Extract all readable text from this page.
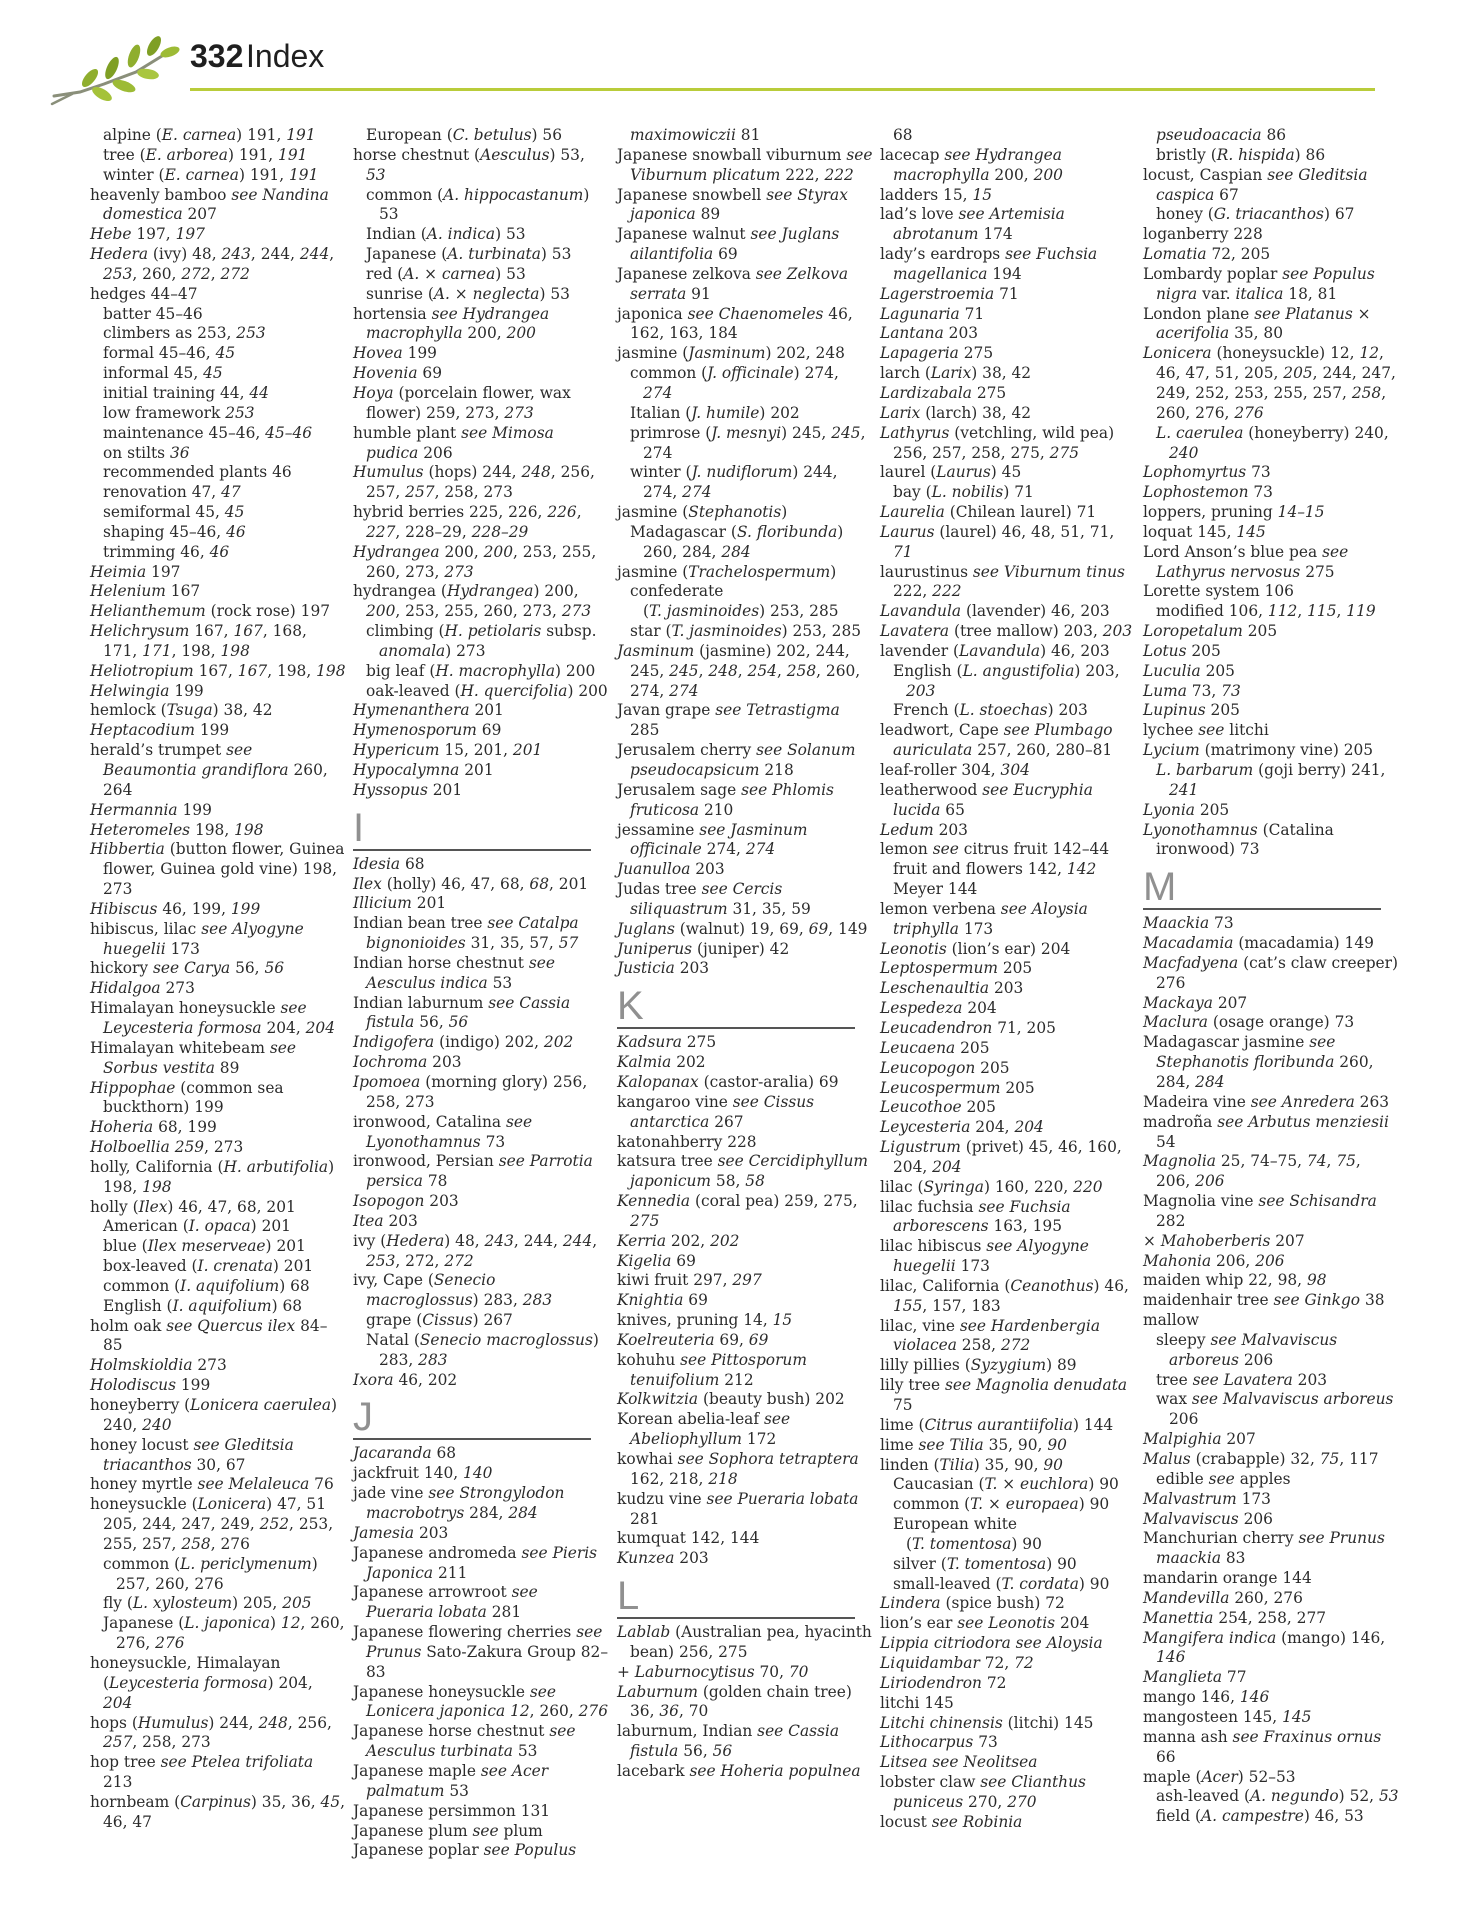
332 Index
alpine (E. carnea) 191, 191
tree (E. arborea) 191, 191
winter (E. carnea) 191, 191
heavenly bamboo see Nandina domestica 207
Hebe 197, 197
Hedera (ivy) 48, 243, 244, 244, 253, 260, 272, 272
hedges 44–47
batter 45–46
climbers as 253, 253
formal 45–46, 45
informal 45, 45
initial training 44, 44
low framework 253
maintenance 45–46, 45–46
on stilts 36
recommended plants 46
renovation 47, 47
semiformal 45, 45
shaping 45–46, 46
trimming 46, 46
Heimia 197
Helenium 167
Helianthemum (rock rose) 197
Helichrysum 167, 167, 168, 171, 171, 198, 198
Heliotropium 167, 167, 198, 198
Helwingia 199
hemlock (Tsuga) 38, 42
Heptacodium 199
herald’s trumpet see Beaumontia grandiflora 260, 264
Hermannia 199
Heteromeles 198, 198
Hibbertia (button flower, Guinea flower, Guinea gold vine) 198, 273
Hibiscus 46, 199, 199
hibiscus, lilac see Alyogyne huegelii 173
hickory see Carya 56, 56
Hidalgoa 273
Himalayan honeysuckle see Leycesteria formosa 204, 204
Himalayan whitebeam see Sorbus vestita 89
Hippophae (common sea buckthorn) 199
Hoheria 68, 199
Holboellia 259, 273
holly, California (H. arbutifolia) 198, 198
holly (Ilex) 46, 47, 68, 201
American (I. opaca) 201
blue (Ilex meserveae) 201
box-leaved (I. crenata) 201
common (I. aquifolium) 68
English (I. aquifolium) 68
holm oak see Quercus ilex 84–85
Holmskioldia 273
Holodiscus 199
honeyberry (Lonicera caerulea) 240, 240
honey locust see Gleditsia triacanthos 30, 67
honey myrtle see Melaleuca 76
honeysuckle (Lonicera) 47, 51 205, 244, 247, 249, 252, 253, 255, 257, 258, 276
common (L. periclymenum) 257, 260, 276
fly (L. xylosteum) 205, 205
Japanese (L. japonica) 12, 260, 276, 276
honeysuckle, Himalayan (Leycesteria formosa) 204, 204
hops (Humulus) 244, 248, 256, 257, 258, 273
hop tree see Ptelea trifoliata 213
hornbeam (Carpinus) 35, 36, 45, 46, 47
European (C. betulus) 56
horse chestnut (Aesculus) 53, 53
common (A. hippocastanum) 53
Indian (A. indica) 53
Japanese (A. turbinata) 53
red (A. × carnea) 53
sunrise (A. × neglecta) 53
hortensia see Hydrangea macrophylla 200, 200
Hovea 199
Hovenia 69
Hoya (porcelain flower, wax flower) 259, 273, 273
humble plant see Mimosa pudica 206
Humulus (hops) 244, 248, 256, 257, 257, 258, 273
hybrid berries 225, 226, 226, 227, 228–29, 228–29
Hydrangea 200, 200, 253, 255, 260, 273, 273
hydrangea (Hydrangea) 200, 200, 253, 255, 260, 273, 273
climbing (H. petiolaris subsp. anomala) 273
big leaf (H. macrophylla) 200
oak-leaved (H. quercifolia) 200
Hymenanthera 201
Hymenosporum 69
Hypericum 15, 201, 201
Hypocalymna 201
Hyssopus 201
I
Idesia 68
Ilex (holly) 46, 47, 68, 68, 201
Illicium 201
Indian bean tree see Catalpa bignonioides 31, 35, 57, 57
Indian horse chestnut see Aesculus indica 53
Indian laburnum see Cassia fistula 56, 56
Indigofera (indigo) 202, 202
Iochroma 203
Ipomoea (morning glory) 256, 258, 273
ironwood, Catalina see Lyonothamnus 73
ironwood, Persian see Parrotia persica 78
Isopogon 203
Itea 203
ivy (Hedera) 48, 243, 244, 244, 253, 272, 272
ivy, Cape (Senecio macroglossus) 283, 283
grape (Cissus) 267
Natal (Senecio macroglossus) 283, 283
Ixora 46, 202
J
Jacaranda 68
jackfruit 140, 140
jade vine see Strongylodon macrobotrys 284, 284
Jamesia 203
Japanese andromeda see Pieris Japonica 211
Japanese arrowroot see Pueraria lobata 281
Japanese flowering cherries see Prunus Sato-Zakura Group 82–83
Japanese honeysuckle see Lonicera japonica 12, 260, 276
Japanese horse chestnut see Aesculus turbinata 53
Japanese maple see Acer palmatum 53
Japanese persimmon 131
Japanese plum see plum
Japanese poplar see Populus
maximowiczii 81
Japanese snowball viburnum see Viburnum plicatum 222, 222
Japanese snowbell see Styrax japonica 89
Japanese walnut see Juglans ailantifolia 69
Japanese zelkova see Zelkova serrata 91
japonica see Chaenomeles 46, 162, 163, 184
jasmine (Jasminum) 202, 248
common (J. officinale) 274, 274
Italian (J. humile) 202
primrose (J. mesnyi) 245, 245, 274
winter (J. nudiflorum) 244, 274, 274
jasmine (Stephanotis)
Madagascar (S. floribunda) 260, 284, 284
jasmine (Trachelospermum)
confederate
(T. jasminoides) 253, 285
star (T. jasminoides) 253, 285
Jasminum (jasmine) 202, 244, 245, 245, 248, 254, 258, 260, 274, 274
Javan grape see Tetrastigma 285
Jerusalem cherry see Solanum pseudocapsicum 218
Jerusalem sage see Phlomis fruticosa 210
jessamine see Jasminum officinale 274, 274
Juanulloa 203
Judas tree see Cercis siliquastrum 31, 35, 59
Juglans (walnut) 19, 69, 69, 149
Juniperus (juniper) 42
Justicia 203
K
Kadsura 275
Kalmia 202
Kalopanax (castor-aralia) 69
kangaroo vine see Cissus antarctica 267
katonahberry 228
katsura tree see Cercidiphyllum japonicum 58, 58
Kennedia (coral pea) 259, 275, 275
Kerria 202, 202
Kigelia 69
kiwi fruit 297, 297
Knightia 69
knives, pruning 14, 15
Koelreuteria 69, 69
kohuhu see Pittosporum tenuifolium 212
Kolkwitzia (beauty bush) 202
Korean abelia-leaf see Abeliophyllum 172
kowhai see Sophora tetraptera 162, 218, 218
kudzu vine see Pueraria lobata 281
kumquat 142, 144
Kunzea 203
L
Lablab (Australian pea, hyacinth bean) 256, 275
+ Laburnocytisus 70, 70
Laburnum (golden chain tree) 36, 36, 70
laburnum, Indian see Cassia fistula 56, 56
lacebark see Hoheria populnea
68
lacecap see Hydrangea macrophylla 200, 200
ladders 15, 15
lad’s love see Artemisia abrotanum 174
lady’s eardrops see Fuchsia magellanica 194
Lagerstroemia 71
Lagunaria 71
Lantana 203
Lapageria 275
larch (Larix) 38, 42
Lardizabala 275
Larix (larch) 38, 42
Lathyrus (vetchling, wild pea) 256, 257, 258, 275, 275
laurel (Laurus) 45
bay (L. nobilis) 71
Laurelia (Chilean laurel) 71
Laurus (laurel) 46, 48, 51, 71, 71
laurustinus see Viburnum tinus 222, 222
Lavandula (lavender) 46, 203
Lavatera (tree mallow) 203, 203
lavender (Lavandula) 46, 203
English (L. angustifolia) 203, 203
French (L. stoechas) 203
leadwort, Cape see Plumbago auriculata 257, 260, 280–81
leaf-roller 304, 304
leatherwood see Eucryphia lucida 65
Ledum 203
lemon see citrus fruit 142–44
fruit and flowers 142, 142
Meyer 144
lemon verbena see Aloysia triphylla 173
Leonotis (lion’s ear) 204
Leptospermum 205
Leschenaultia 203
Lespedeza 204
Leucadendron 71, 205
Leucaena 205
Leucopogon 205
Leucospermum 205
Leucothoe 205
Leycesteria 204, 204
Ligustrum (privet) 45, 46, 160, 204, 204
lilac (Syringa) 160, 220, 220
lilac fuchsia see Fuchsia arborescens 163, 195
lilac hibiscus see Alyogyne huegelii 173
lilac, California (Ceanothus) 46, 155, 157, 183
lilac, vine see Hardenbergia violacea 258, 272
lilly pillies (Syzygium) 89
lily tree see Magnolia denudata 75
lime (Citrus aurantiifolia) 144
lime see Tilia 35, 90, 90
linden (Tilia) 35, 90, 90
Caucasian (T. × euchlora) 90
common (T. × europaea) 90
European white
(T. tomentosa) 90
silver (T. tomentosa) 90
small-leaved (T. cordata) 90
Lindera (spice bush) 72
lion’s ear see Leonotis 204
Lippia citriodora see Aloysia
Liquidambar 72, 72
Liriodendron 72
litchi 145
Litchi chinensis (litchi) 145
Lithocarpus 73
Litsea see Neolitsea
lobster claw see Clianthus puniceus 270, 270
locust see Robinia
pseudoacacia 86
bristly (R. hispida) 86
locust, Caspian see Gleditsia caspica 67
honey (G. triacanthos) 67
loganberry 228
Lomatia 72, 205
Lombardy poplar see Populus nigra var. italica 18, 81
London plane see Platanus × acerifolia 35, 80
Lonicera (honeysuckle) 12, 12, 46, 47, 51, 205, 205, 244, 247, 249, 252, 253, 255, 257, 258, 260, 276, 276
L. caerulea (honeyberry) 240, 240
Lophomyrtus 73
Lophostemon 73
loppers, pruning 14–15
loquat 145, 145
Lord Anson’s blue pea see Lathyrus nervosus 275
Lorette system 106
modified 106, 112, 115, 119
Loropetalum 205
Lotus 205
Luculia 205
Luma 73, 73
Lupinus 205
lychee see litchi
Lycium (matrimony vine) 205
L. barbarum (goji berry) 241, 241
Lyonia 205
Lyonothamnus (Catalina ironwood) 73
M
Maackia 73
Macadamia (macadamia) 149
Macfadyena (cat’s claw creeper) 276
Mackaya 207
Maclura (osage orange) 73
Madagascar jasmine see Stephanotis floribunda 260, 284, 284
Madeira vine see Anredera 263
madroña see Arbutus menziesii 54
Magnolia 25, 74–75, 74, 75, 206, 206
Magnolia vine see Schisandra 282
× Mahoberberis 207
Mahonia 206, 206
maiden whip 22, 98, 98
maidenhair tree see Ginkgo 38
mallow
sleepy see Malvaviscus arboreus 206
tree see Lavatera 203
wax see Malvaviscus arboreus 206
Malpighia 207
Malus (crabapple) 32, 75, 117
edible see apples
Malvastrum 173
Malvaviscus 206
Manchurian cherry see Prunus maackia 83
mandarin orange 144
Mandevilla 260, 276
Manettia 254, 258, 277
Mangifera indica (mango) 146, 146
Manglieta 77
mango 146, 146
mangosteen 145, 145
manna ash see Fraxinus ornus 66
maple (Acer) 52–53
ash-leaved (A. negundo) 52, 53
field (A. campestre) 46, 53
